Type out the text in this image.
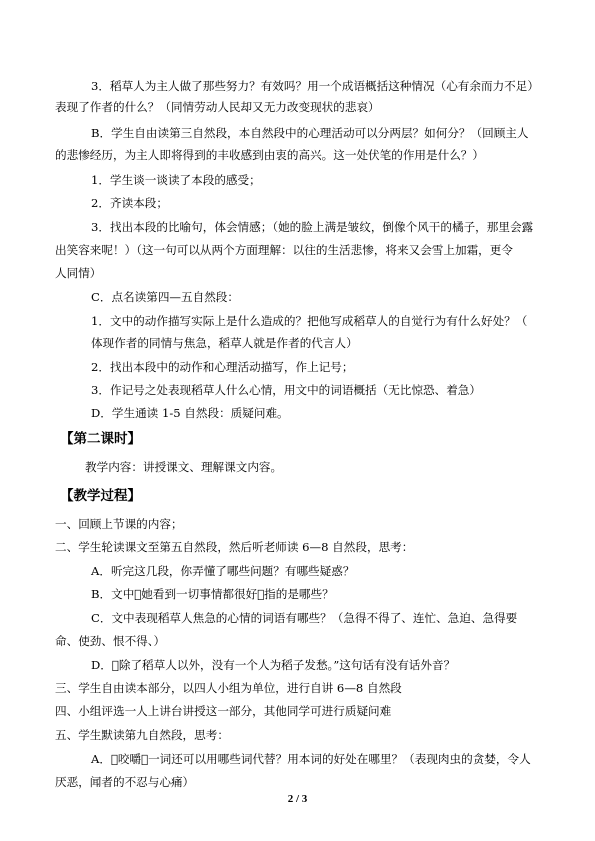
3．稻草人为主人做了那些努力？有效吗？用一个成语概括这种情况（心有余而力不足）
表现了作者的什么？（同情劳动人民却又无力改变现状的悲哀）
B．学生自由读第三自然段，本自然段中的心理活动可以分两层？如何分？（回顾主人
的悲惨经历，为主人即将得到的丰收感到由衷的高兴。这一处伏笔的作用是什么？）
1．学生谈一谈读了本段的感受；
2．齐读本段；
3．找出本段的比喻句，体会情感；（她的脸上满是皱纹，倒像个风干的橘子，那里会露
出笑容来呢！）（这一句可以从两个方面理解：以往的生活悲惨，将来又会雪上加霜，更令
人同情）
C．点名读第四—五自然段：
1．文中的动作描写实际上是什么造成的？把他写成稻草人的自觉行为有什么好处？（
体现作者的同情与焦急，稻草人就是作者的代言人）
2．找出本段中的动作和心理活动描写，作上记号；
3．作记号之处表现稻草人什么心情，用文中的词语概括（无比惊恐、着急）
D．学生通读 1-5 自然段：质疑问难。
【第二课时】
教学内容：讲授课文、理解课文内容。
【教学过程】
一、回顾上节课的内容；
二、学生轮读课文至第五自然段，然后听老师读 6—8 自然段，思考：
A．听完这几段，你弄懂了哪些问题？有哪些疑惑？
B．文中 她看到一切事情都很好 指的是哪些？
C．文中表现稻草人焦急的心情的词语有哪些？（急得不得了、连忙、急迫、急得要
命、使劲、恨不得、）
D． 除了稻草人以外，没有一个人为稻子发愁。”这句话有没有话外音？
三、学生自由读本部分，以四人小组为单位，进行自讲 6—8 自然段
四、小组评选一人上讲台讲授这一部分，其他同学可进行质疑问难
五、学生默读第九自然段，思考：
A． 咬嚼 一词还可以用哪些词代替？用本词的好处在哪里？（表现肉虫的贪婪，令人
厌恶，闻者的不忍与心痛）
2 / 3
